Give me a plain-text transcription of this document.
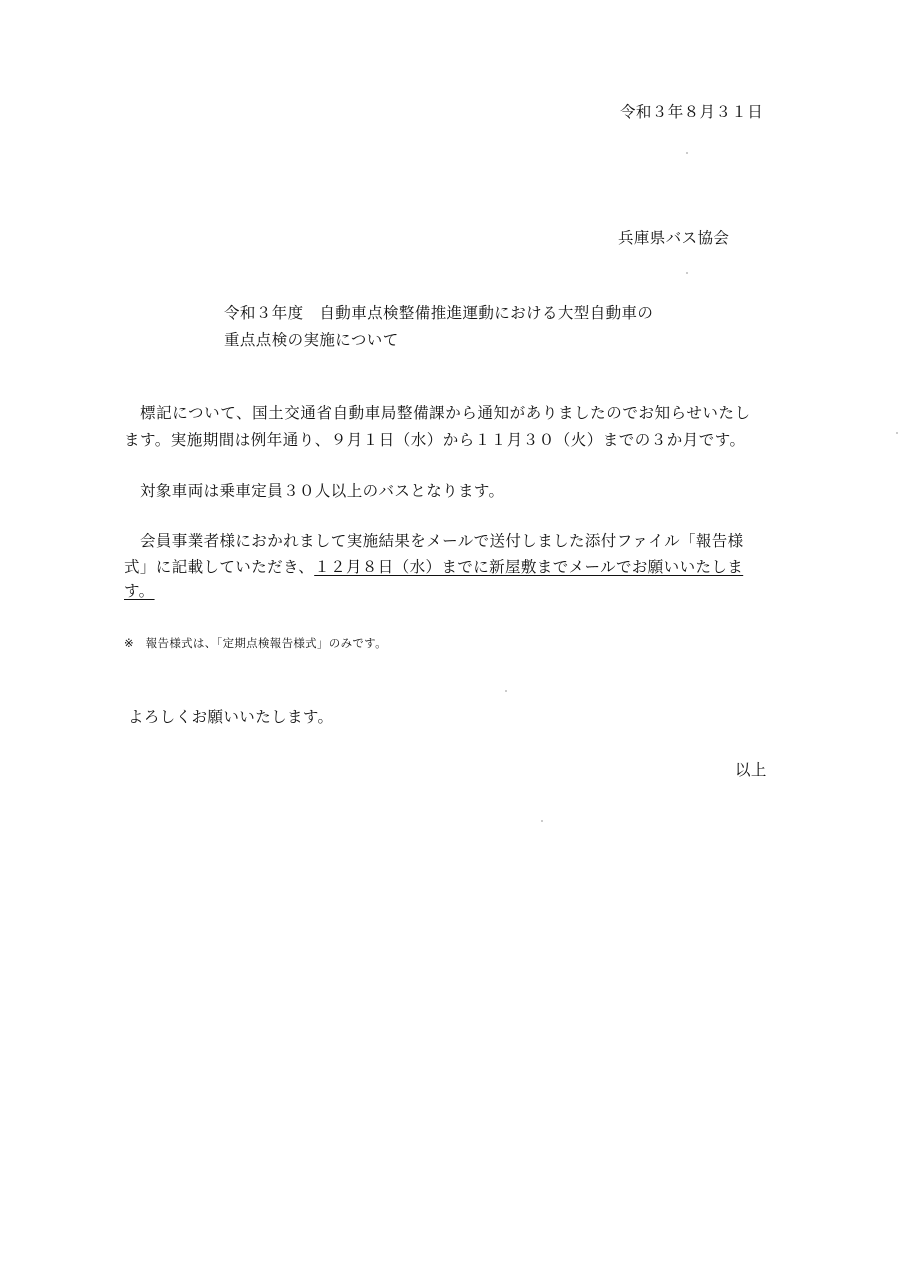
令和３年８月３１日
兵庫県バス協会
令和３年度　自動車点検整備推進運動における大型自動車の
重点点検の実施について
標記について、国土交通省自動車局整備課から通知がありましたのでお知らせいたし
ます。実施期間は例年通り、９月１日（水）から１１月３０（火）までの３か月です。
対象車両は乗車定員３０人以上のバスとなります。
会員事業者様におかれまして実施結果をメールで送付しました添付ファイル「報告様
式」に記載していただき、１２月８日（水）までに新屋敷までメールでお願いいたしま
す。
※　報告様式は、「定期点検報告様式」のみです。
よろしくお願いいたします。
以上
